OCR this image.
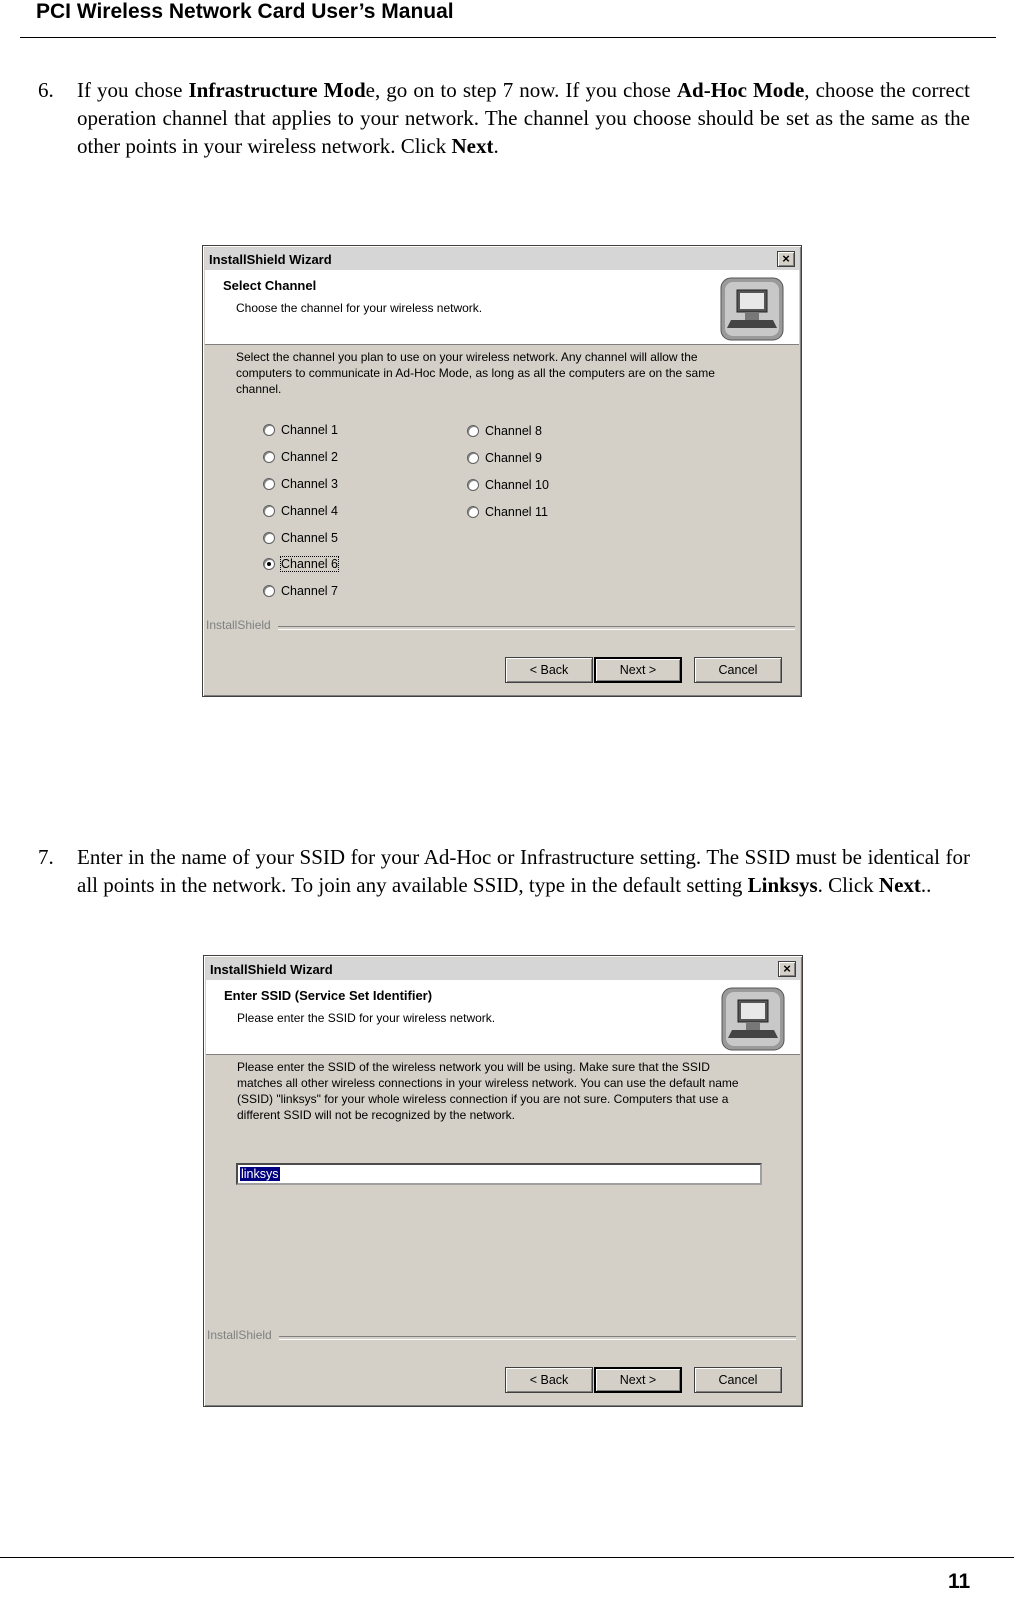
PCI Wireless Network Card User’s Manual
6. If you chose Infrastructure Mode, go on to step 7 now. If you chose Ad-Hoc Mode, choose the correct operation channel that applies to your network. The channel you choose should be set as the same as the other points in your wireless network. Click Next.
InstallShield Wizard	×
Select Channel
Choose the channel for your wireless network.
Select the channel you plan to use on your wireless network. Any channel will allow the computers to communicate in Ad-Hoc Mode, as long as all the computers are on the same channel.
Channel 1
Channel 2
Channel 3
Channel 4
Channel 5
Channel 6
Channel 7
Channel 8
Channel 9
Channel 10
Channel 11
InstallShield
< Back	Next >	Cancel
7. Enter in the name of your SSID for your Ad-Hoc or Infrastructure setting. The SSID must be identical for all points in the network. To join any available SSID, type in the default setting Linksys. Click Next..
InstallShield Wizard	×
Enter SSID (Service Set Identifier)
Please enter the SSID for your wireless network.
Please enter the SSID of the wireless network you will be using. Make sure that the SSID matches all other wireless connections in your wireless network. You can use the default name (SSID) "linksys" for your whole wireless connection if you are not sure. Computers that use a different SSID will not be recognized by the network.
linksys
InstallShield
< Back	Next >	Cancel
11
